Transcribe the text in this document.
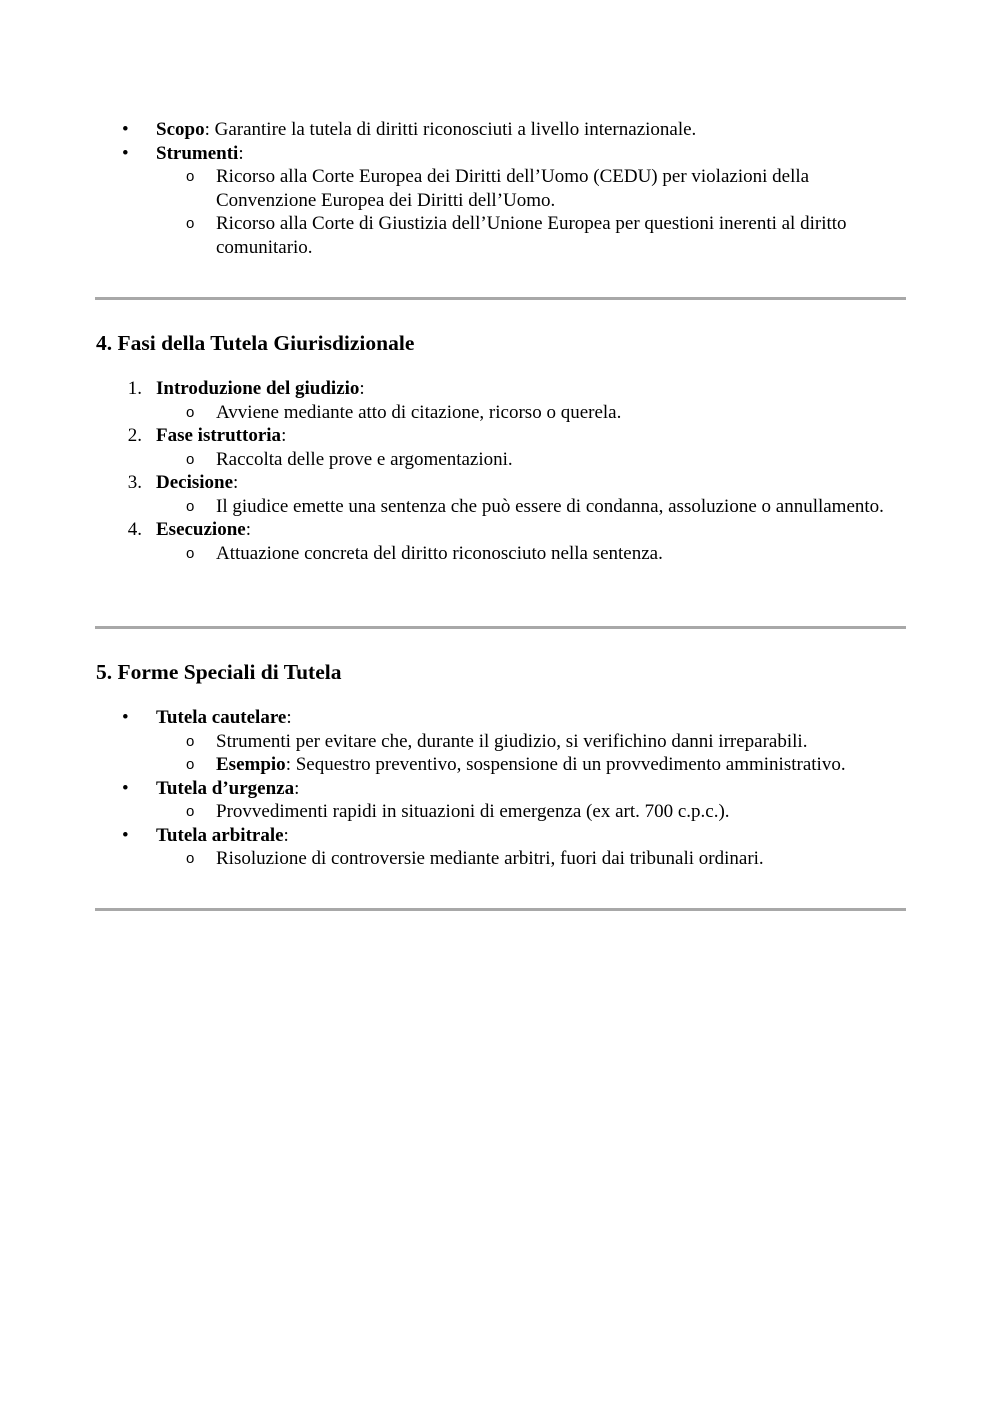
• Scopo: Garantire la tutela di diritti riconosciuti a livello internazionale.
• Strumenti:
o Ricorso alla Corte Europea dei Diritti dell’Uomo (CEDU) per violazioni della Convenzione Europea dei Diritti dell’Uomo.
o Ricorso alla Corte di Giustizia dell’Unione Europea per questioni inerenti al diritto comunitario.
4. Fasi della Tutela Giurisdizionale
1. Introduzione del giudizio:
o Avviene mediante atto di citazione, ricorso o querela.
2. Fase istruttoria:
o Raccolta delle prove e argomentazioni.
3. Decisione:
o Il giudice emette una sentenza che può essere di condanna, assoluzione o annullamento.
4. Esecuzione:
o Attuazione concreta del diritto riconosciuto nella sentenza.
5. Forme Speciali di Tutela
• Tutela cautelare:
o Strumenti per evitare che, durante il giudizio, si verifichino danni irreparabili.
o Esempio: Sequestro preventivo, sospensione di un provvedimento amministrativo.
• Tutela d’urgenza:
o Provvedimenti rapidi in situazioni di emergenza (ex art. 700 c.p.c.).
• Tutela arbitrale:
o Risoluzione di controversie mediante arbitri, fuori dai tribunali ordinari.
